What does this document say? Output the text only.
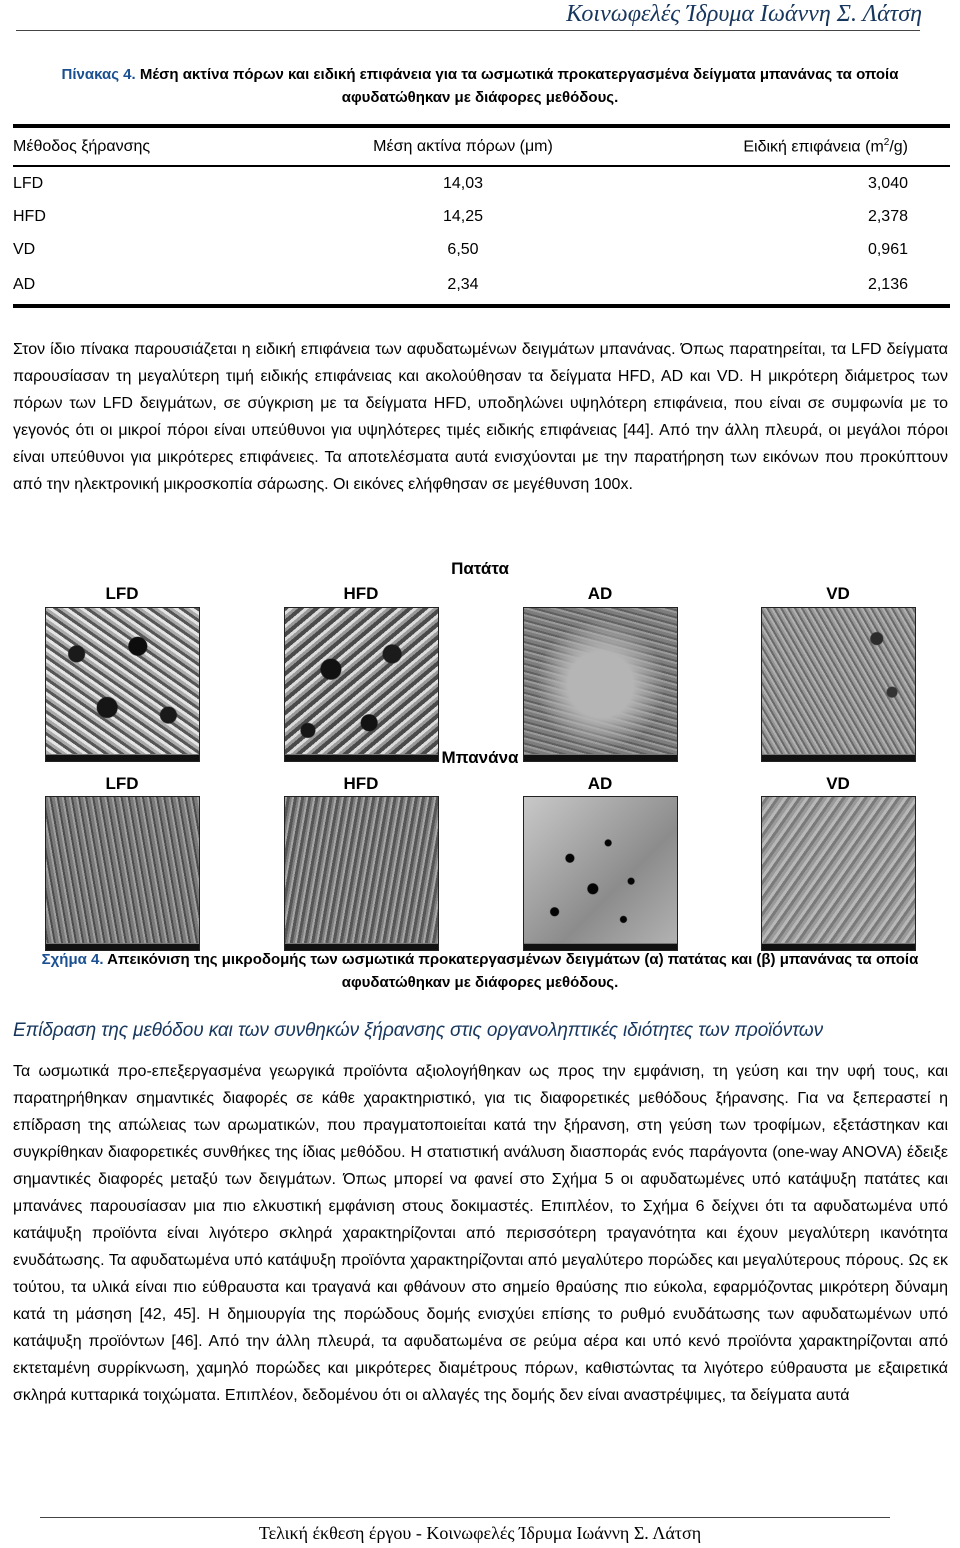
Κοινωφελές Ίδρυμα Ιωάννη Σ. Λάτση
Πίνακας 4. Μέση ακτίνα πόρων και ειδική επιφάνεια για τα ωσμωτικά προκατεργασμένα δείγματα μπανάνας τα οποία αφυδατώθηκαν με διάφορες μεθόδους.
Μέθοδος ξήρανσης	Μέση ακτίνα πόρων (μm)	Ειδική επιφάνεια $(m^2/g)$
LFD	14,03	3,040
HFD	14,25	2,378
VD	6,50	0,961
AD	2,34	2,136

Στον ίδιο πίνακα παρουσιάζεται η ειδική επιφάνεια των αφυδατωμένων δειγμάτων μπανάνας. Όπως παρατηρείται, τα LFD δείγματα παρουσίασαν τη μεγαλύτερη τιμή ειδικής επιφάνειας και ακολούθησαν τα δείγματα HFD, AD και VD. Η μικρότερη διάμετρος των πόρων των LFD δειγμάτων, σε σύγκριση με τα δείγματα HFD, υποδηλώνει υψηλότερη επιφάνεια, που είναι σε συμφωνία με το γεγονός ότι οι μικροί πόροι είναι υπεύθυνοι για υψηλότερες τιμές ειδικής επιφάνειας [44]. Από την άλλη πλευρά, οι μεγάλοι πόροι είναι υπεύθυνοι για μικρότερες επιφάνειες. Τα αποτελέσματα αυτά ενισχύονται με την παρατήρηση των εικόνων που προκύπτουν από την ηλεκτρονική μικροσκοπία σάρωσης. Οι εικόνες ελήφθησαν σε μεγέθυνση 100x.

Πατάτα
LFD	HFD	AD	VD
Μπανάνα
LFD	HFD	AD	VD
Σχήμα 4. Απεικόνιση της μικροδομής των ωσμωτικά προκατεργασμένων δειγμάτων (α) πατάτας και (β) μπανάνας τα οποία αφυδατώθηκαν με διάφορες μεθόδους.
Επίδραση της μεθόδου και των συνθηκών ξήρανσης στις οργανοληπτικές ιδιότητες των προϊόντων

Τα ωσμωτικά προ-επεξεργασμένα γεωργικά προϊόντα αξιολογήθηκαν ως προς την εμφάνιση, τη γεύση και την υφή τους, και παρατηρήθηκαν σημαντικές διαφορές σε κάθε χαρακτηριστικό, για τις διαφορετικές μεθόδους ξήρανσης. Για να ξεπεραστεί η επίδραση της απώλειας των αρωματικών, που πραγματοποιείται κατά την ξήρανση, στη γεύση των τροφίμων, εξετάστηκαν και συγκρίθηκαν διαφορετικές συνθήκες της ίδιας μεθόδου. Η στατιστική ανάλυση διασποράς ενός παράγοντα (one-way ANOVA) έδειξε σημαντικές διαφορές μεταξύ των δειγμάτων. Όπως μπορεί να φανεί στο Σχήμα 5 οι αφυδατωμένες υπό κατάψυξη πατάτες και μπανάνες παρουσίασαν μια πιο ελκυστική εμφάνιση στους δοκιμαστές. Επιπλέον, το Σχήμα 6 δείχνει ότι τα αφυδατωμένα υπό κατάψυξη προϊόντα είναι λιγότερο σκληρά χαρακτηρίζονται από περισσότερη τραγανότητα και έχουν μεγαλύτερη ικανότητα ενυδάτωσης. Τα αφυδατωμένα υπό κατάψυξη προϊόντα χαρακτηρίζονται από μεγαλύτερο πορώδες και μεγαλύτερους πόρους. Ως εκ τούτου, τα υλικά είναι πιο εύθραυστα και τραγανά και φθάνουν στο σημείο θραύσης πιο εύκολα, εφαρμόζοντας μικρότερη δύναμη κατά τη μάσηση [42, 45]. Η δημιουργία της πορώδους δομής ενισχύει επίσης το ρυθμό ενυδάτωσης των αφυδατωμένων υπό κατάψυξη προϊόντων [46]. Από την άλλη πλευρά, τα αφυδατωμένα σε ρεύμα αέρα και υπό κενό προϊόντα χαρακτηρίζονται από εκτεταμένη συρρίκνωση, χαμηλό πορώδες και μικρότερες διαμέτρους πόρων, καθιστώντας τα λιγότερο εύθραυστα με εξαιρετικά σκληρά κυτταρικά τοιχώματα. Επιπλέον, δεδομένου ότι οι αλλαγές της δομής δεν είναι αναστρέψιμες, τα δείγματα αυτά

Τελική έκθεση έργου - Κοινωφελές Ίδρυμα Ιωάννη Σ. Λάτση
